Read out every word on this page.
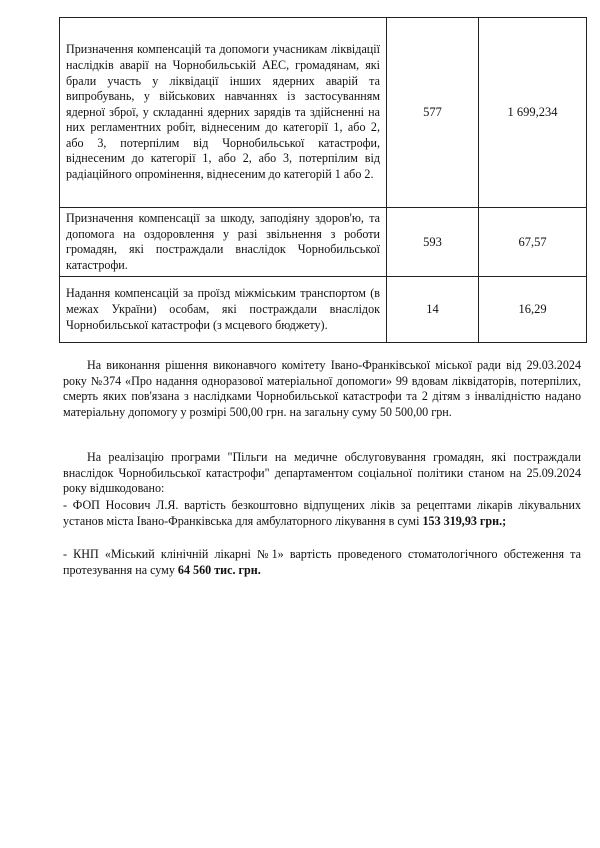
Призначення компенсацій та допомоги учасникам ліквідації наслідків аварії на Чорнобильській АЕС, громадянам, які брали участь у ліквідації інших ядерних аварій та випробувань, у військових навчаннях із застосуванням ядерної зброї, у складанні ядерних зарядів та здійсненні на них регламентних робіт, віднесеним до категорії 1, або 2, або 3, потерпілим від Чорнобильської катастрофи, віднесеним до категорії 1, або 2, або 3, потерпілим від радіаційного опромінення, віднесеним до категорій 1 або 2.	577	1 699,234
Призначення компенсації за шкоду, заподіяну здоров'ю, та допомога на оздоровлення у разі звільнення з роботи громадян, які постраждали внаслідок Чорнобильської катастрофи.	593	67,57
Надання компенсацій за проїзд міжміським транспортом (в межах України) особам, які постраждали внаслідок Чорнобильської катастрофи (з мсцевого бюджету).	14	16,29

На виконання рішення виконавчого комітету Івано-Франківської міської ради від 29.03.2024 року №374 «Про надання одноразової матеріальної допомоги» 99 вдовам ліквідаторів, потерпілих, смерть яких пов'язана з наслідками Чорнобильської катастрофи та 2 дітям з інвалідністю надано матеріальну допомогу у розмірі 500,00 грн. на загальну суму 50 500,00 грн.

На реалізацію програми "Пільги на медичне обслуговування громадян, які постраждали внаслідок Чорнобильської катастрофи" департаментом соціальної політики станом на 25.09.2024 року відшкодовано:

- ФОП Носович Л.Я. вартість безкоштовно відпущених ліків за рецептами лікарів лікувальних установ міста Івано-Франківська для амбулаторного лікування в сумі 153 319,93 грн.;

- КНП «Міський клінічній лікарні №1» вартість проведеного стоматологічного обстеження та протезування на суму 64 560 тис. грн.
